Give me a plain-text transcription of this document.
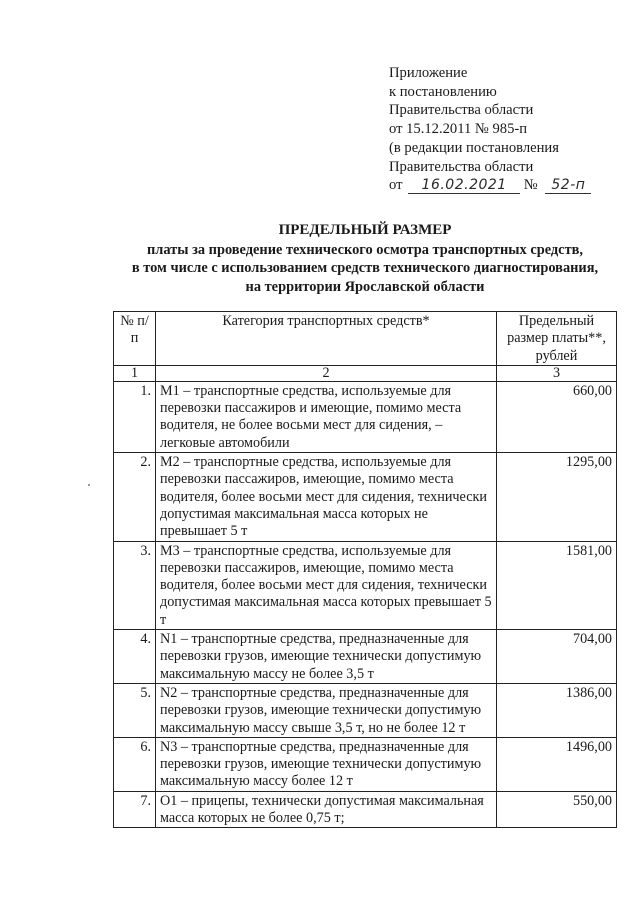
Приложение
к постановлению
Правительства области
от 15.12.2011 № 985-п
(в редакции постановления
Правительства области
от 16.02.2021 № 52-п
ПРЕДЕЛЬНЫЙ РАЗМЕР
платы за проведение технического осмотра транспортных средств,
в том числе с использованием средств технического диагностирования,
на территории Ярославской области
№ п/п	Категория транспортных средств*	Предельный размер платы**, рублей
1	2	3
1.	M1 – транспортные средства, используемые для перевозки пассажиров и имеющие, помимо места водителя, не более восьми мест для сидения, – легковые автомобили	660,00
2.	M2 – транспортные средства, используемые для перевозки пассажиров, имеющие, помимо места водителя, более восьми мест для сидения, технически допустимая максимальная масса которых не превышает 5 т	1295,00
3.	M3 – транспортные средства, используемые для перевозки пассажиров, имеющие, помимо места водителя, более восьми мест для сидения, технически допустимая максимальная масса которых превышает 5 т	1581,00
4.	N1 – транспортные средства, предназначенные для перевозки грузов, имеющие технически допустимую максимальную массу не более 3,5 т	704,00
5.	N2 – транспортные средства, предназначенные для перевозки грузов, имеющие технически допустимую максимальную массу свыше 3,5 т, но не более 12 т	1386,00
6.	N3 – транспортные средства, предназначенные для перевозки грузов, имеющие технически допустимую максимальную массу более 12 т	1496,00
7.	O1 – прицепы, технически допустимая максимальная масса которых не более 0,75 т;	550,00
